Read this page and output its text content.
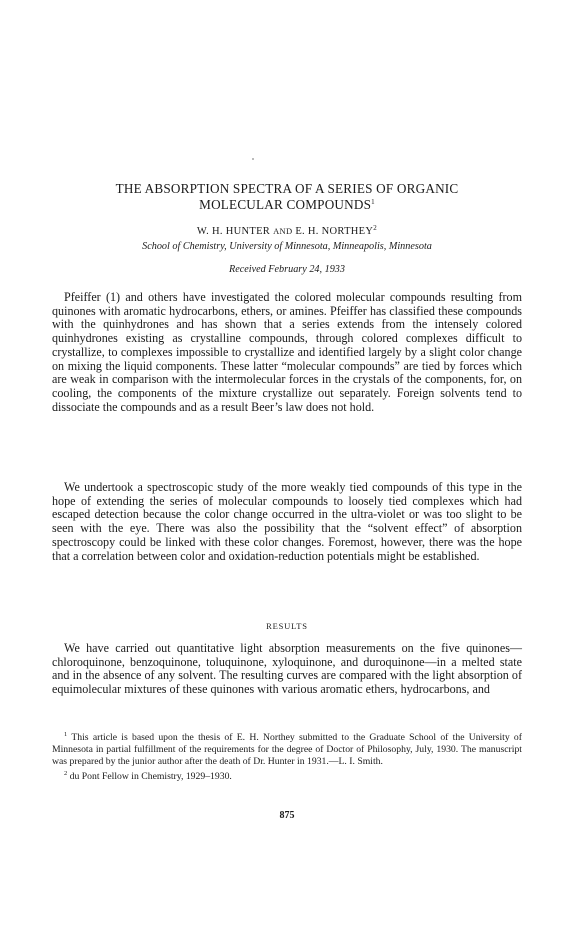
THE ABSORPTION SPECTRA OF A SERIES OF ORGANIC
MOLECULAR COMPOUNDS$^1$
W. H. HUNTER AND E. H. NORTHEY$^2$
School of Chemistry, University of Minnesota, Minneapolis, Minnesota
Received February 24, 1933

Pfeiffer (1) and others have investigated the colored molecular compounds resulting from quinones with aromatic hydrocarbons, ethers, or amines. Pfeiffer has classified these compounds with the quinhydrones and has shown that a series extends from the intensely colored quinhydrones existing as crystalline compounds, through colored complexes difficult to crystallize, to complexes impossible to crystallize and identified largely by a slight color change on mixing the liquid components. These latter “molecular compounds” are tied by forces which are weak in comparison with the intermolecular forces in the crystals of the components, for, on cooling, the components of the mixture crystallize out separately. Foreign solvents tend to dissociate the compounds and as a result Beer’s law does not hold.

We undertook a spectroscopic study of the more weakly tied compounds of this type in the hope of extending the series of molecular compounds to loosely tied complexes which had escaped detection because the color change occurred in the ultra-violet or was too slight to be seen with the eye. There was also the possibility that the “solvent effect” of absorption spectroscopy could be linked with these color changes. Foremost, however, there was the hope that a correlation between color and oxidation-reduction potentials might be established.

RESULTS

We have carried out quantitative light absorption measurements on the five quinones—chloroquinone, benzoquinone, toluquinone, xyloquinone, and duroquinone—in a melted state and in the absence of any solvent. The resulting curves are compared with the light absorption of equimolecular mixtures of these quinones with various aromatic ethers, hydrocarbons, and

$^1$ This article is based upon the thesis of E. H. Northey submitted to the Graduate School of the University of Minnesota in partial fulfillment of the requirements for the degree of Doctor of Philosophy, July, 1930. The manuscript was prepared by the junior author after the death of Dr. Hunter in 1931.—L. I. Smith.

$^2$ du Pont Fellow in Chemistry, 1929–1930.

875
